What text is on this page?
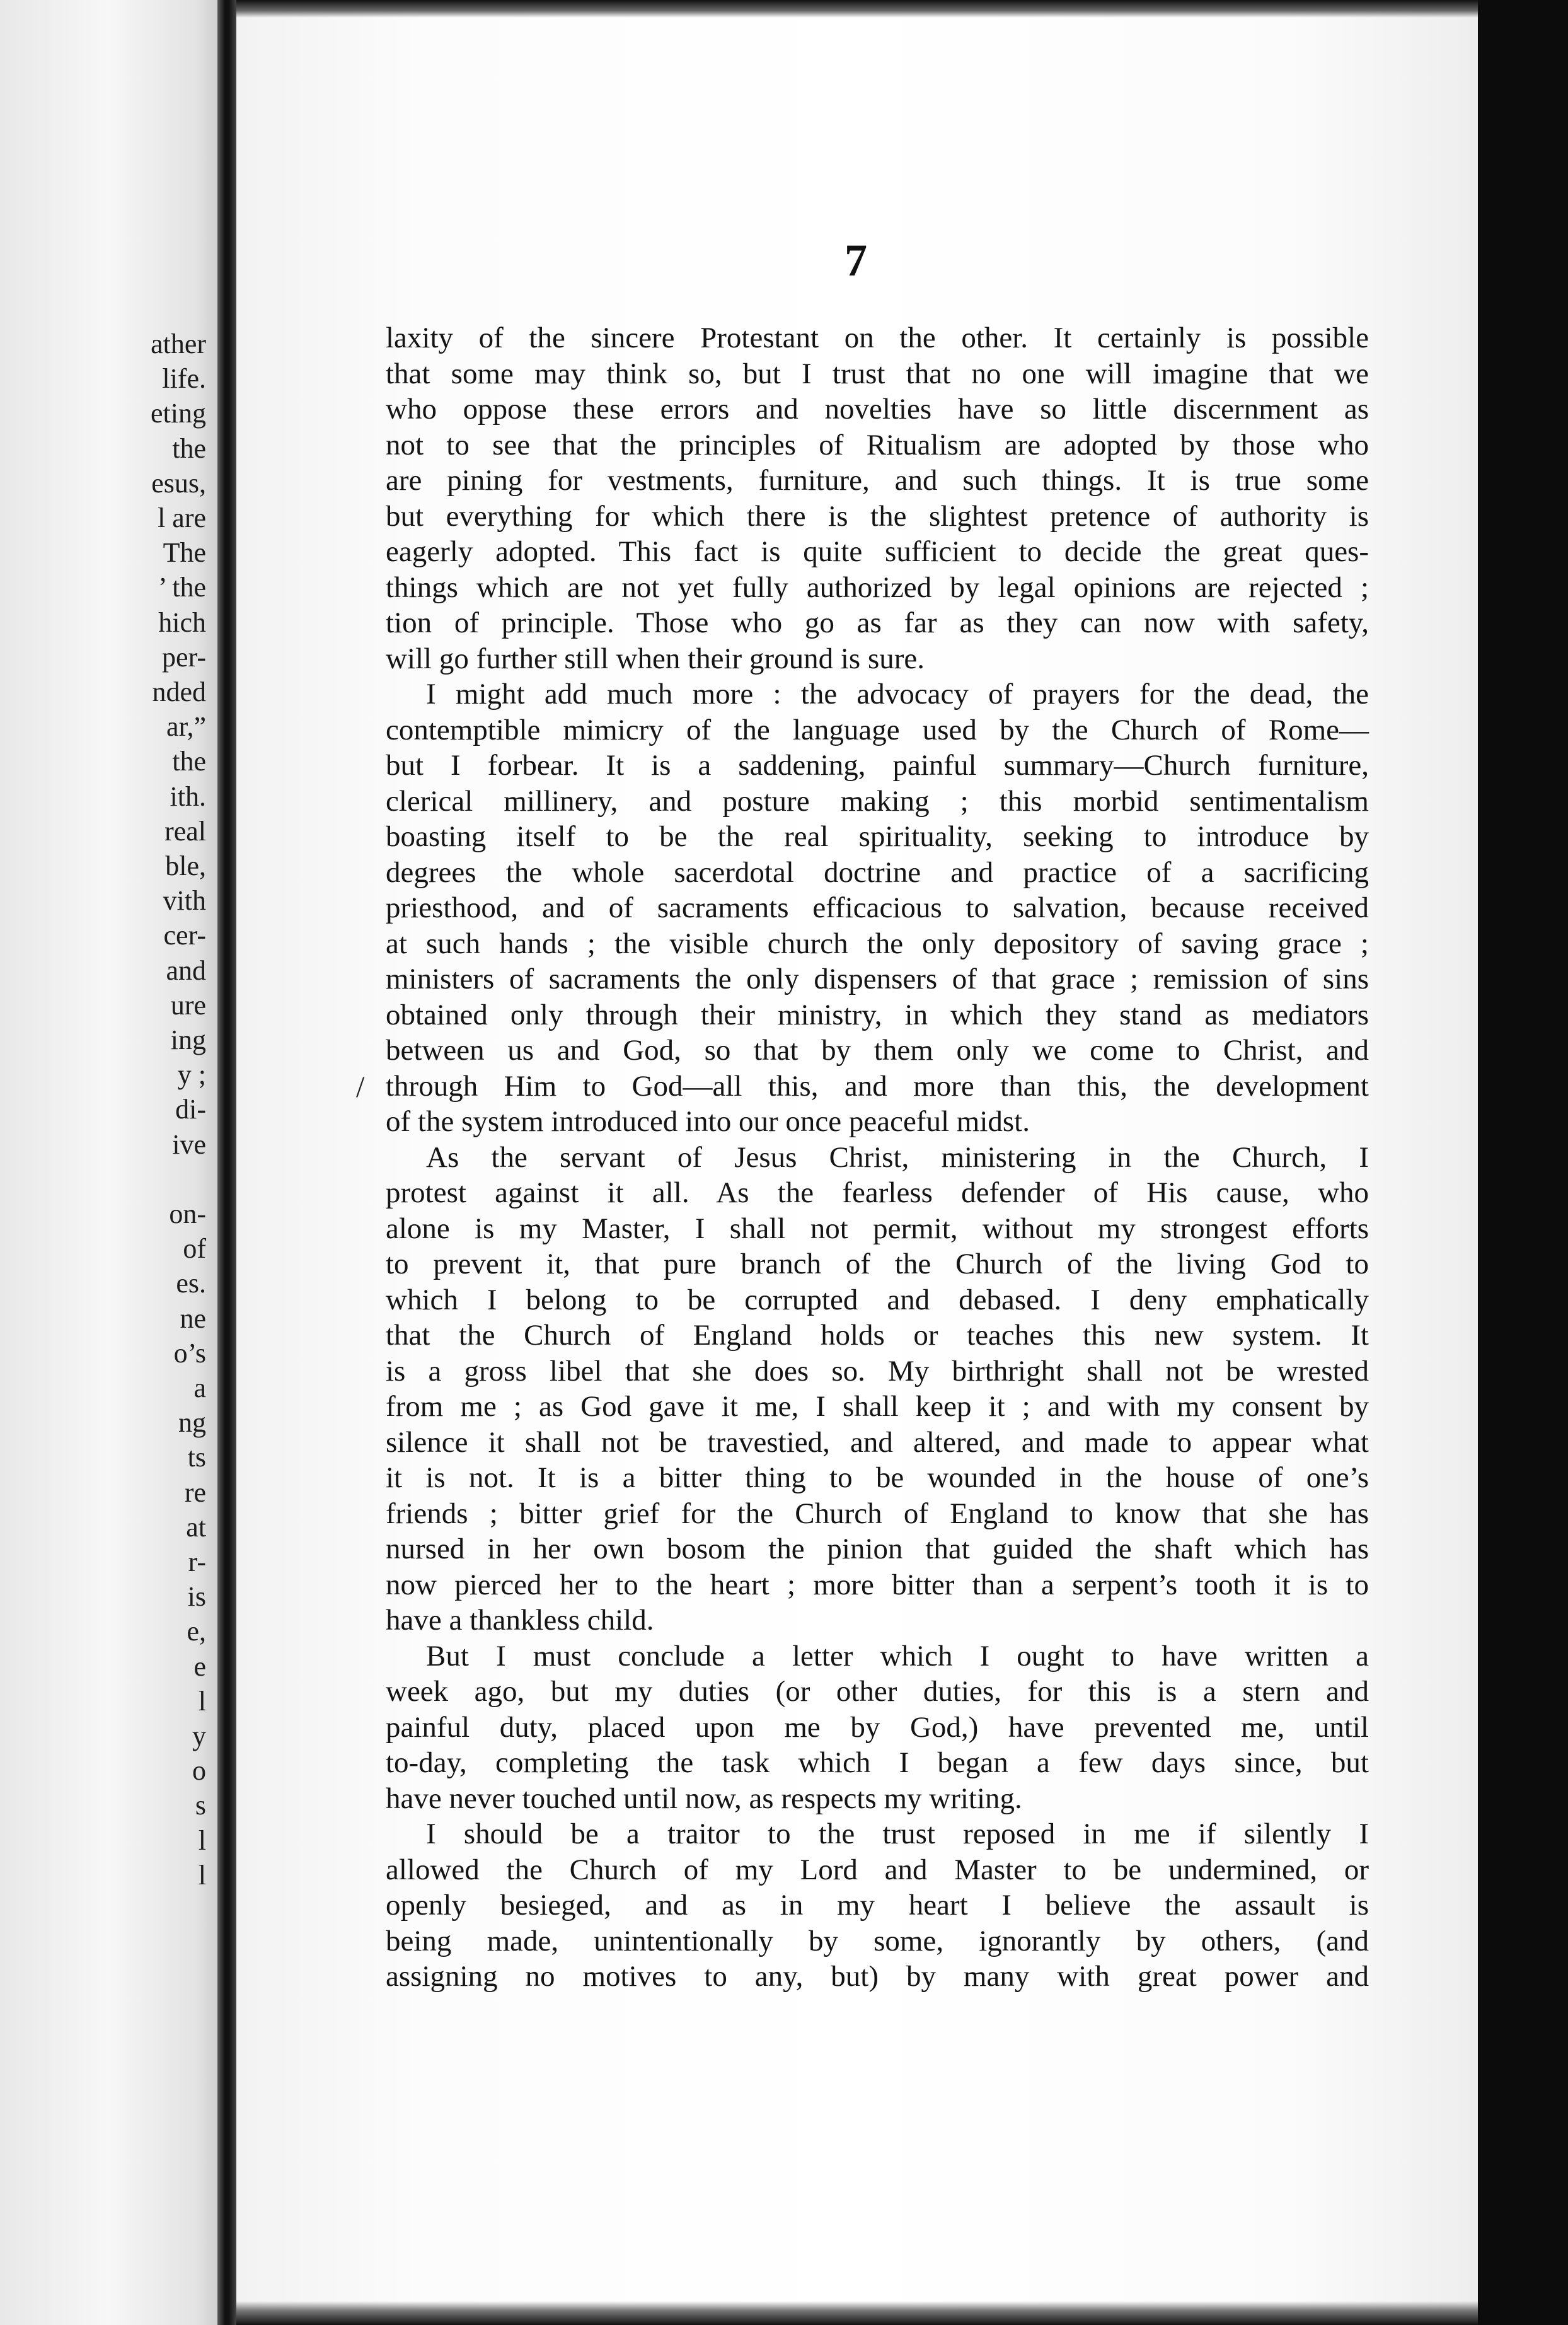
ather
life.
eting
the
esus,
l are
The
’ the
hich
per-
nded
ar,”
the
ith.
real
ble,
vith
cer-
and
ure
ing
y ;
di-
ive
on-
of
es.
ne
o’s
a
ng
ts
re
at
r-
is
e,
e
l
y
o
s
l
l
7
/
laxity of the sincere Protestant on the other. It certainly is possible
that some may think so, but I trust that no one will imagine that we
who oppose these errors and novelties have so little discernment as
not to see that the principles of Ritualism are adopted by those who
are pining for vestments, furniture, and such things. It is true some
but everything for which there is the slightest pretence of authority is
eagerly adopted. This fact is quite sufficient to decide the great ques-
things which are not yet fully authorized by legal opinions are rejected ;
tion of principle. Those who go as far as they can now with safety,
will go further still when their ground is sure.
I might add much more : the advocacy of prayers for the dead, the
contemptible mimicry of the language used by the Church of Rome—
but I forbear. It is a saddening, painful summary—Church furniture,
clerical millinery, and posture making ; this morbid sentimentalism
boasting itself to be the real spirituality, seeking to introduce by
degrees the whole sacerdotal doctrine and practice of a sacrificing
priesthood, and of sacraments efficacious to salvation, because received
at such hands ; the visible church the only depository of saving grace ;
ministers of sacraments the only dispensers of that grace ; remission of sins
obtained only through their ministry, in which they stand as mediators
between us and God, so that by them only we come to Christ, and
through Him to God—all this, and more than this, the development
of the system introduced into our once peaceful midst.
As the servant of Jesus Christ, ministering in the Church, I
protest against it all. As the fearless defender of His cause, who
alone is my Master, I shall not permit, without my strongest efforts
to prevent it, that pure branch of the Church of the living God to
which I belong to be corrupted and debased. I deny emphatically
that the Church of England holds or teaches this new system. It
is a gross libel that she does so. My birthright shall not be wrested
from me ; as God gave it me, I shall keep it ; and with my consent by
silence it shall not be travestied, and altered, and made to appear what
it is not. It is a bitter thing to be wounded in the house of one’s
friends ; bitter grief for the Church of England to know that she has
nursed in her own bosom the pinion that guided the shaft which has
now pierced her to the heart ; more bitter than a serpent’s tooth it is to
have a thankless child.
But I must conclude a letter which I ought to have written a
week ago, but my duties (or other duties, for this is a stern and
painful duty, placed upon me by God,) have prevented me, until
to-day, completing the task which I began a few days since, but
have never touched until now, as respects my writing.
I should be a traitor to the trust reposed in me if silently I
allowed the Church of my Lord and Master to be undermined, or
openly besieged, and as in my heart I believe the assault is
being made, unintentionally by some, ignorantly by others, (and
assigning no motives to any, but) by many with great power and
